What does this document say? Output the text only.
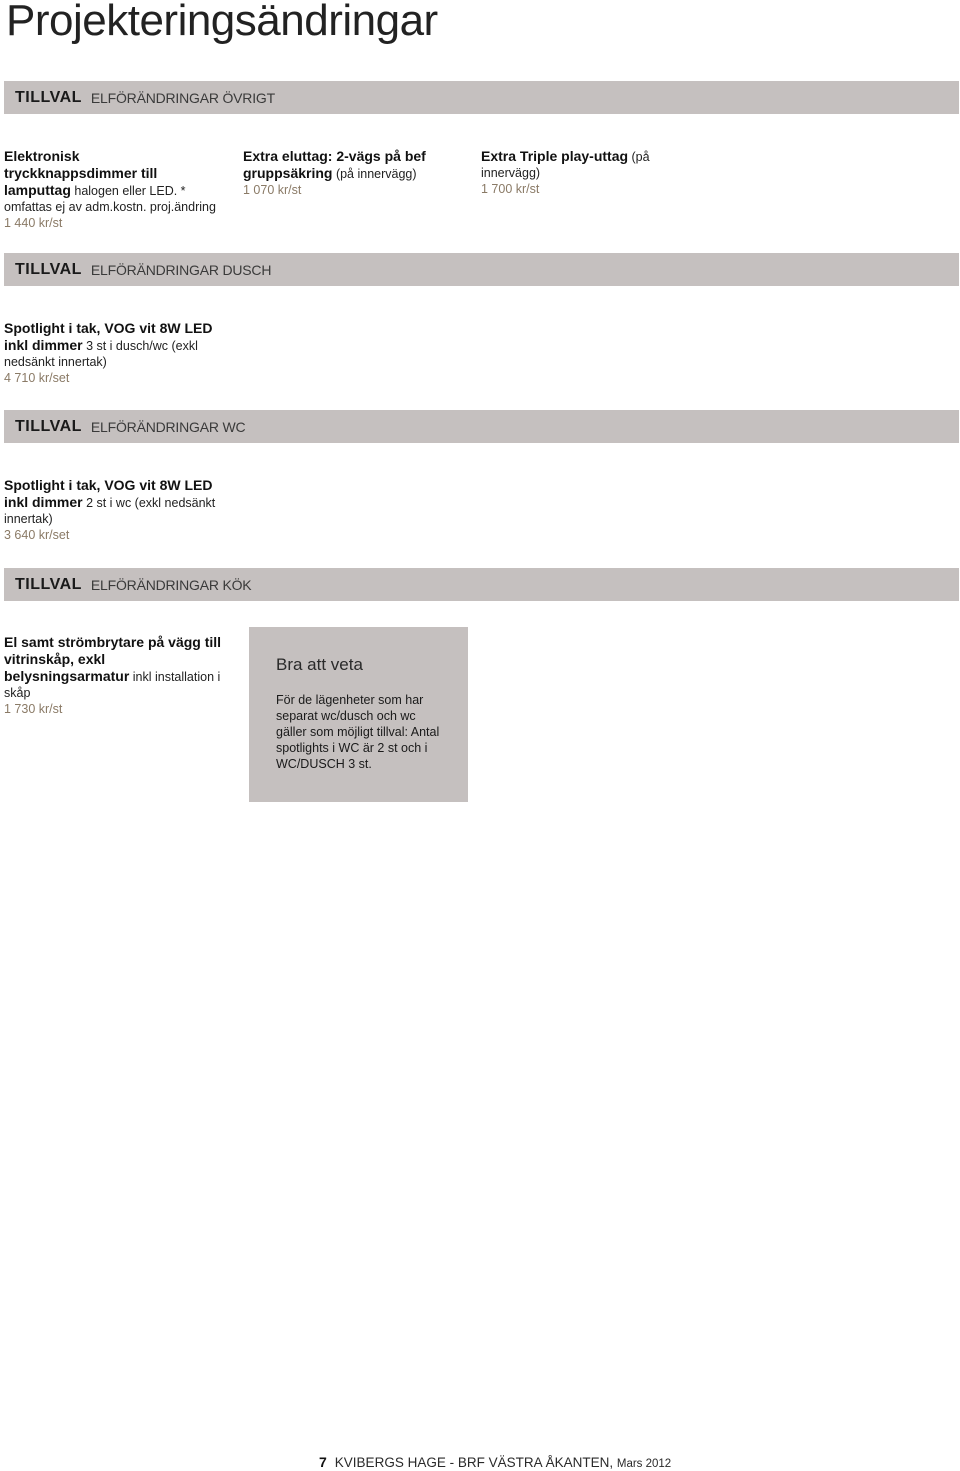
Projekteringsändringar
TILLVAL ELFÖRÄNDRINGAR ÖVRIGT
Elektronisk tryckknappsdimmer till lamputtag halogen eller LED. * omfattas ej av adm.kostn. proj.ändring
1 440 kr/st
Extra eluttag: 2-vägs på bef gruppsäkring (på innervägg)
1 070 kr/st
Extra Triple play-uttag (på innervägg)
1 700 kr/st
TILLVAL ELFÖRÄNDRINGAR DUSCH
Spotlight i tak, VOG vit 8W LED inkl dimmer 3 st i dusch/wc (exkl nedsänkt innertak)
4 710 kr/set
TILLVAL ELFÖRÄNDRINGAR WC
Spotlight i tak, VOG vit 8W LED inkl dimmer 2 st i wc (exkl nedsänkt innertak)
3 640 kr/set
TILLVAL ELFÖRÄNDRINGAR KÖK
El samt strömbrytare på vägg till vitrinskåp, exkl belysningsarmatur inkl installation i skåp
1 730 kr/st
Bra att veta
För de lägenheter som har separat wc/dusch och wc gäller som möjligt tillval: Antal spotlights i WC är 2 st och i WC/DUSCH 3 st.
7 KVIBERGS HAGE - BRF VÄSTRA ÅKANTEN, Mars 2012
